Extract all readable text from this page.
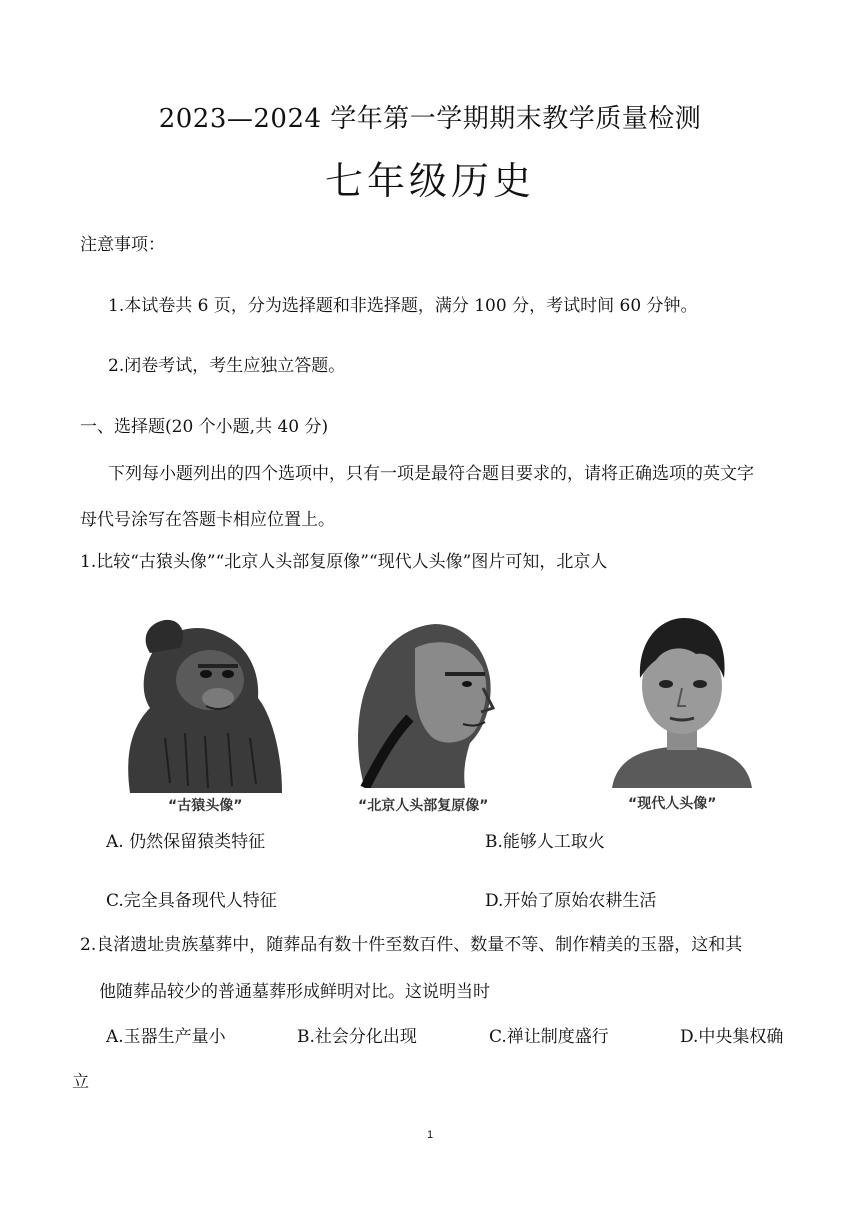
2023—2024 学年第一学期期末教学质量检测
七年级历史
注意事项：
1.本试卷共 6 页，分为选择题和非选择题，满分 100 分，考试时间 60 分钟。
2.闭卷考试，考生应独立答题。
一、选择题(20 个小题,共 40 分)
下列每小题列出的四个选项中，只有一项是最符合题目要求的，请将正确选项的英文字
母代号涂写在答题卡相应位置上。
1.比较“古猿头像”“北京人头部复原像”“现代人头像”图片可知，北京人
“古猿头像”	“北京人头部复原像”	“现代人头像”
A. 仍然保留猿类特征	B.能够人工取火
C.完全具备现代人特征	D.开始了原始农耕生活
2.良渚遗址贵族墓葬中，随葬品有数十件至数百件、数量不等、制作精美的玉器，这和其
他随葬品较少的普通墓葬形成鲜明对比。这说明当时
A.玉器生产量小	B.社会分化出现	C.禅让制度盛行	D.中央集权确
立
1
